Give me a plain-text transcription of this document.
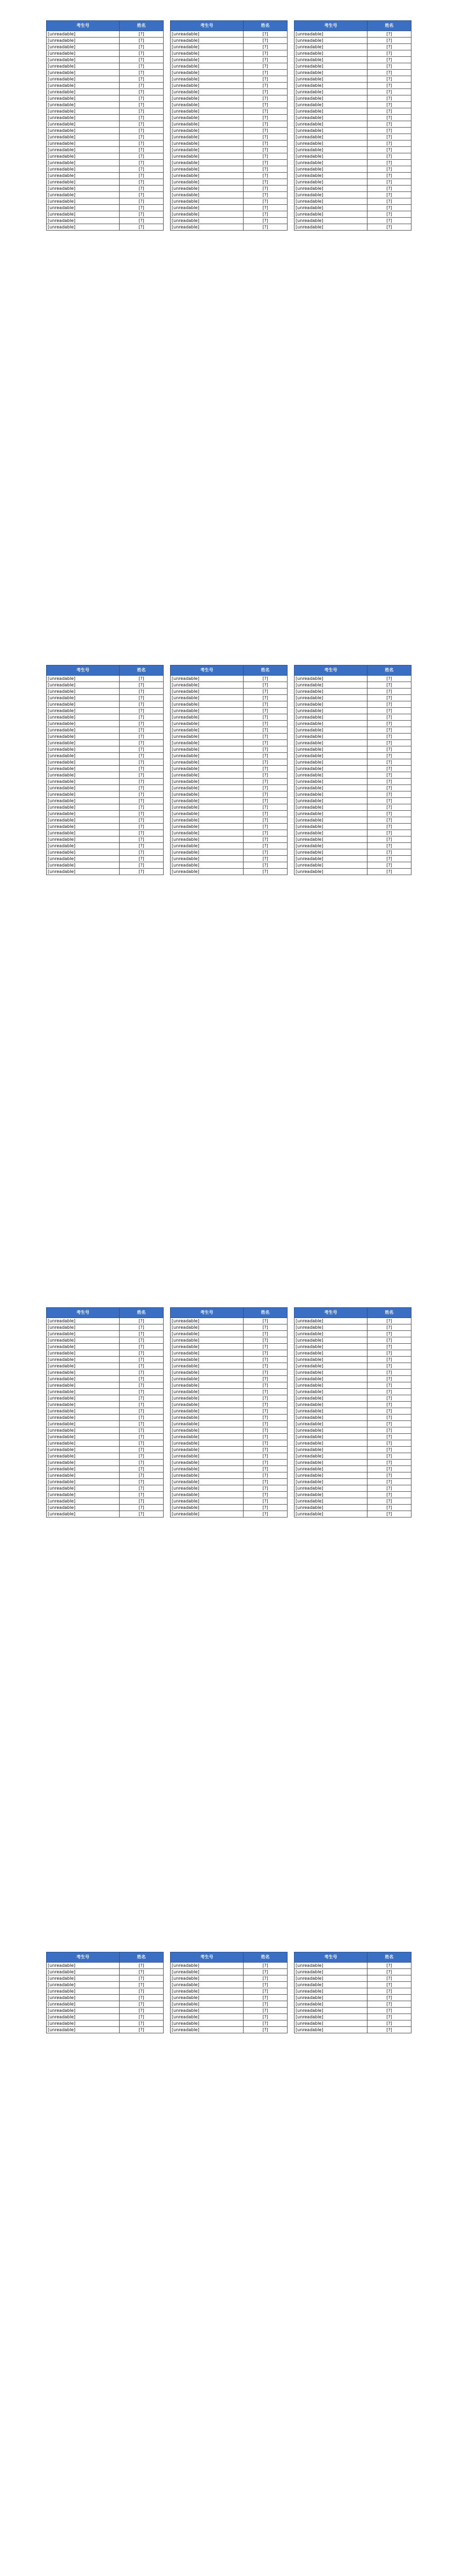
考生号	姓名
[unreadable]	[?]
[unreadable]	[?]
[unreadable]	[?]
[unreadable]	[?]
[unreadable]	[?]
[unreadable]	[?]
[unreadable]	[?]
[unreadable]	[?]
[unreadable]	[?]
[unreadable]	[?]
[unreadable]	[?]
[unreadable]	[?]
[unreadable]	[?]
[unreadable]	[?]
[unreadable]	[?]
[unreadable]	[?]
[unreadable]	[?]
[unreadable]	[?]
[unreadable]	[?]
[unreadable]	[?]
[unreadable]	[?]
[unreadable]	[?]
[unreadable]	[?]
[unreadable]	[?]
[unreadable]	[?]
[unreadable]	[?]
[unreadable]	[?]
[unreadable]	[?]
[unreadable]	[?]
[unreadable]	[?]
[unreadable]	[?]
考生号	姓名
[unreadable]	[?]
[unreadable]	[?]
[unreadable]	[?]
[unreadable]	[?]
[unreadable]	[?]
[unreadable]	[?]
[unreadable]	[?]
[unreadable]	[?]
[unreadable]	[?]
[unreadable]	[?]
[unreadable]	[?]
[unreadable]	[?]
[unreadable]	[?]
[unreadable]	[?]
[unreadable]	[?]
[unreadable]	[?]
[unreadable]	[?]
[unreadable]	[?]
[unreadable]	[?]
[unreadable]	[?]
[unreadable]	[?]
[unreadable]	[?]
[unreadable]	[?]
[unreadable]	[?]
[unreadable]	[?]
[unreadable]	[?]
[unreadable]	[?]
[unreadable]	[?]
[unreadable]	[?]
[unreadable]	[?]
[unreadable]	[?]
考生号	姓名
[unreadable]	[?]
[unreadable]	[?]
[unreadable]	[?]
[unreadable]	[?]
[unreadable]	[?]
[unreadable]	[?]
[unreadable]	[?]
[unreadable]	[?]
[unreadable]	[?]
[unreadable]	[?]
[unreadable]	[?]
[unreadable]	[?]
[unreadable]	[?]
[unreadable]	[?]
[unreadable]	[?]
[unreadable]	[?]
[unreadable]	[?]
[unreadable]	[?]
[unreadable]	[?]
[unreadable]	[?]
[unreadable]	[?]
[unreadable]	[?]
[unreadable]	[?]
[unreadable]	[?]
[unreadable]	[?]
[unreadable]	[?]
[unreadable]	[?]
[unreadable]	[?]
[unreadable]	[?]
[unreadable]	[?]
[unreadable]	[?]
考生号	姓名
[unreadable]	[?]
[unreadable]	[?]
[unreadable]	[?]
[unreadable]	[?]
[unreadable]	[?]
[unreadable]	[?]
[unreadable]	[?]
[unreadable]	[?]
[unreadable]	[?]
[unreadable]	[?]
[unreadable]	[?]
[unreadable]	[?]
[unreadable]	[?]
[unreadable]	[?]
[unreadable]	[?]
[unreadable]	[?]
[unreadable]	[?]
[unreadable]	[?]
[unreadable]	[?]
[unreadable]	[?]
[unreadable]	[?]
[unreadable]	[?]
[unreadable]	[?]
[unreadable]	[?]
[unreadable]	[?]
[unreadable]	[?]
[unreadable]	[?]
[unreadable]	[?]
[unreadable]	[?]
[unreadable]	[?]
[unreadable]	[?]
考生号	姓名
[unreadable]	[?]
[unreadable]	[?]
[unreadable]	[?]
[unreadable]	[?]
[unreadable]	[?]
[unreadable]	[?]
[unreadable]	[?]
[unreadable]	[?]
[unreadable]	[?]
[unreadable]	[?]
[unreadable]	[?]
[unreadable]	[?]
[unreadable]	[?]
[unreadable]	[?]
[unreadable]	[?]
[unreadable]	[?]
[unreadable]	[?]
[unreadable]	[?]
[unreadable]	[?]
[unreadable]	[?]
[unreadable]	[?]
[unreadable]	[?]
[unreadable]	[?]
[unreadable]	[?]
[unreadable]	[?]
[unreadable]	[?]
[unreadable]	[?]
[unreadable]	[?]
[unreadable]	[?]
[unreadable]	[?]
[unreadable]	[?]
考生号	姓名
[unreadable]	[?]
[unreadable]	[?]
[unreadable]	[?]
[unreadable]	[?]
[unreadable]	[?]
[unreadable]	[?]
[unreadable]	[?]
[unreadable]	[?]
[unreadable]	[?]
[unreadable]	[?]
[unreadable]	[?]
[unreadable]	[?]
[unreadable]	[?]
[unreadable]	[?]
[unreadable]	[?]
[unreadable]	[?]
[unreadable]	[?]
[unreadable]	[?]
[unreadable]	[?]
[unreadable]	[?]
[unreadable]	[?]
[unreadable]	[?]
[unreadable]	[?]
[unreadable]	[?]
[unreadable]	[?]
[unreadable]	[?]
[unreadable]	[?]
[unreadable]	[?]
[unreadable]	[?]
[unreadable]	[?]
[unreadable]	[?]
考生号	姓名
[unreadable]	[?]
[unreadable]	[?]
[unreadable]	[?]
[unreadable]	[?]
[unreadable]	[?]
[unreadable]	[?]
[unreadable]	[?]
[unreadable]	[?]
[unreadable]	[?]
[unreadable]	[?]
[unreadable]	[?]
[unreadable]	[?]
[unreadable]	[?]
[unreadable]	[?]
[unreadable]	[?]
[unreadable]	[?]
[unreadable]	[?]
[unreadable]	[?]
[unreadable]	[?]
[unreadable]	[?]
[unreadable]	[?]
[unreadable]	[?]
[unreadable]	[?]
[unreadable]	[?]
[unreadable]	[?]
[unreadable]	[?]
[unreadable]	[?]
[unreadable]	[?]
[unreadable]	[?]
[unreadable]	[?]
[unreadable]	[?]
考生号	姓名
[unreadable]	[?]
[unreadable]	[?]
[unreadable]	[?]
[unreadable]	[?]
[unreadable]	[?]
[unreadable]	[?]
[unreadable]	[?]
[unreadable]	[?]
[unreadable]	[?]
[unreadable]	[?]
[unreadable]	[?]
[unreadable]	[?]
[unreadable]	[?]
[unreadable]	[?]
[unreadable]	[?]
[unreadable]	[?]
[unreadable]	[?]
[unreadable]	[?]
[unreadable]	[?]
[unreadable]	[?]
[unreadable]	[?]
[unreadable]	[?]
[unreadable]	[?]
[unreadable]	[?]
[unreadable]	[?]
[unreadable]	[?]
[unreadable]	[?]
[unreadable]	[?]
[unreadable]	[?]
[unreadable]	[?]
[unreadable]	[?]
考生号	姓名
[unreadable]	[?]
[unreadable]	[?]
[unreadable]	[?]
[unreadable]	[?]
[unreadable]	[?]
[unreadable]	[?]
[unreadable]	[?]
[unreadable]	[?]
[unreadable]	[?]
[unreadable]	[?]
[unreadable]	[?]
[unreadable]	[?]
[unreadable]	[?]
[unreadable]	[?]
[unreadable]	[?]
[unreadable]	[?]
[unreadable]	[?]
[unreadable]	[?]
[unreadable]	[?]
[unreadable]	[?]
[unreadable]	[?]
[unreadable]	[?]
[unreadable]	[?]
[unreadable]	[?]
[unreadable]	[?]
[unreadable]	[?]
[unreadable]	[?]
[unreadable]	[?]
[unreadable]	[?]
[unreadable]	[?]
[unreadable]	[?]
考生号	姓名
[unreadable]	[?]
[unreadable]	[?]
[unreadable]	[?]
[unreadable]	[?]
[unreadable]	[?]
[unreadable]	[?]
[unreadable]	[?]
[unreadable]	[?]
[unreadable]	[?]
[unreadable]	[?]
[unreadable]	[?]
考生号	姓名
[unreadable]	[?]
[unreadable]	[?]
[unreadable]	[?]
[unreadable]	[?]
[unreadable]	[?]
[unreadable]	[?]
[unreadable]	[?]
[unreadable]	[?]
[unreadable]	[?]
[unreadable]	[?]
[unreadable]	[?]
考生号	姓名
[unreadable]	[?]
[unreadable]	[?]
[unreadable]	[?]
[unreadable]	[?]
[unreadable]	[?]
[unreadable]	[?]
[unreadable]	[?]
[unreadable]	[?]
[unreadable]	[?]
[unreadable]	[?]
[unreadable]	[?]
